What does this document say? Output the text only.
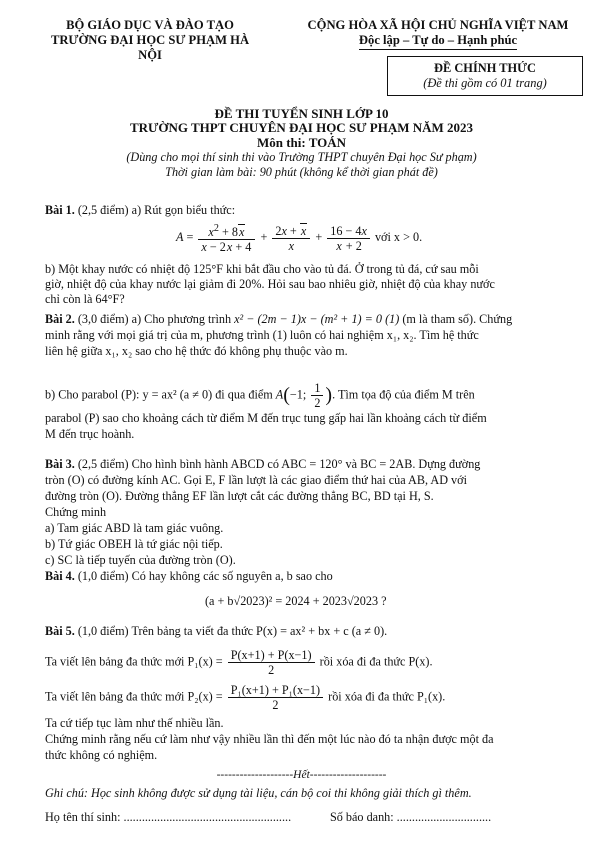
BỘ GIÁO DỤC VÀ ĐÀO TẠO
TRƯỜNG ĐẠI HỌC SƯ PHẠM HÀ NỘI
CỘNG HÒA XÃ HỘI CHỦ NGHĨA VIỆT NAM
Độc lập – Tự do – Hạnh phúc
ĐỀ CHÍNH THỨC
(Đề thi gồm có 01 trang)
ĐỀ THI TUYỂN SINH LỚP 10
TRƯỜNG THPT CHUYÊN ĐẠI HỌC SƯ PHẠM NĂM 2023
Môn thi: TOÁN
(Dùng cho mọi thí sinh thi vào Trường THPT chuyên Đại học Sư phạm)
Thời gian làm bài: 90 phút (không kể thời gian phát đề)
Bài 1. (2,5 điểm) a) Rút gọn biểu thức:
$A = \frac{x^2 + 8x}{x - 2x + 4} + \frac{2x + x}{x} + \frac{16 - 4x}{x + 2}$ với x > 0.
b) Một khay nước có nhiệt độ 125°F khi bắt đầu cho vào tủ đá. Ở trong tủ đá, cứ sau mỗi
giờ, nhiệt độ của khay nước lại giảm đi 20%. Hỏi sau bao nhiêu giờ, nhiệt độ của khay nước
chỉ còn là 64°F?
Bài 2. (3,0 điểm) a) Cho phương trình x² − (2m − 1)x − (m² + 1) = 0 (1) (m là tham số). Chứng
minh rằng với mọi giá trị của m, phương trình (1) luôn có hai nghiệm x₁, x₂. Tìm hệ thức
liên hệ giữa x₁, x₂ sao cho hệ thức đó không phụ thuộc vào m.
b) Cho parabol (P): y = ax² (a ≠ 0) đi qua điểm A(−1; $\frac{1}{2}$ ). Tìm tọa độ của điểm M trên
parabol (P) sao cho khoảng cách từ điểm M đến trục tung gấp hai lần khoảng cách từ điểm
M đến trục hoành.
Bài 3. (2,5 điểm) Cho hình bình hành ABCD có ABC = 120° và BC = 2AB. Dựng đường
tròn (O) có đường kính AC. Gọi E, F lần lượt là các giao điểm thứ hai của AB, AD với
đường tròn (O). Đường thẳng EF lần lượt cắt các đường thẳng BC, BD tại H, S.
Chứng minh
a) Tam giác ABD là tam giác vuông.
b) Tứ giác OBEH là tứ giác nội tiếp.
c) SC là tiếp tuyến của đường tròn (O).
Bài 4. (1,0 điểm) Có hay không các số nguyên a, b sao cho
(a + b√2023)² = 2024 + 2023√2023 ?
Bài 5. (1,0 điểm) Trên bảng ta viết đa thức P(x) = ax² + bx + c (a ≠ 0).
Ta viết lên bảng đa thức mới $P_1(x) = \frac{P(x+1) + P(x-1)}{2}$ rồi xóa đi đa thức P(x).
Ta viết lên bảng đa thức mới $P_2(x) = \frac{\text{P₁(x+1) + P₁(x−1)}}{2}$ rồi xóa đi đa thức P₁(x).
Ta cứ tiếp tục làm như thế nhiều lần.
Chứng minh rằng nếu cứ làm như vậy nhiều lần thì đến một lúc nào đó ta nhận được một đa
thức không có nghiệm.
--------------------Hết--------------------
Ghi chú: Học sinh không được sử dụng tài liệu, cán bộ coi thi không giải thích gì thêm.
Họ tên thí sinh: .......................................................	Số báo danh: ...............................
